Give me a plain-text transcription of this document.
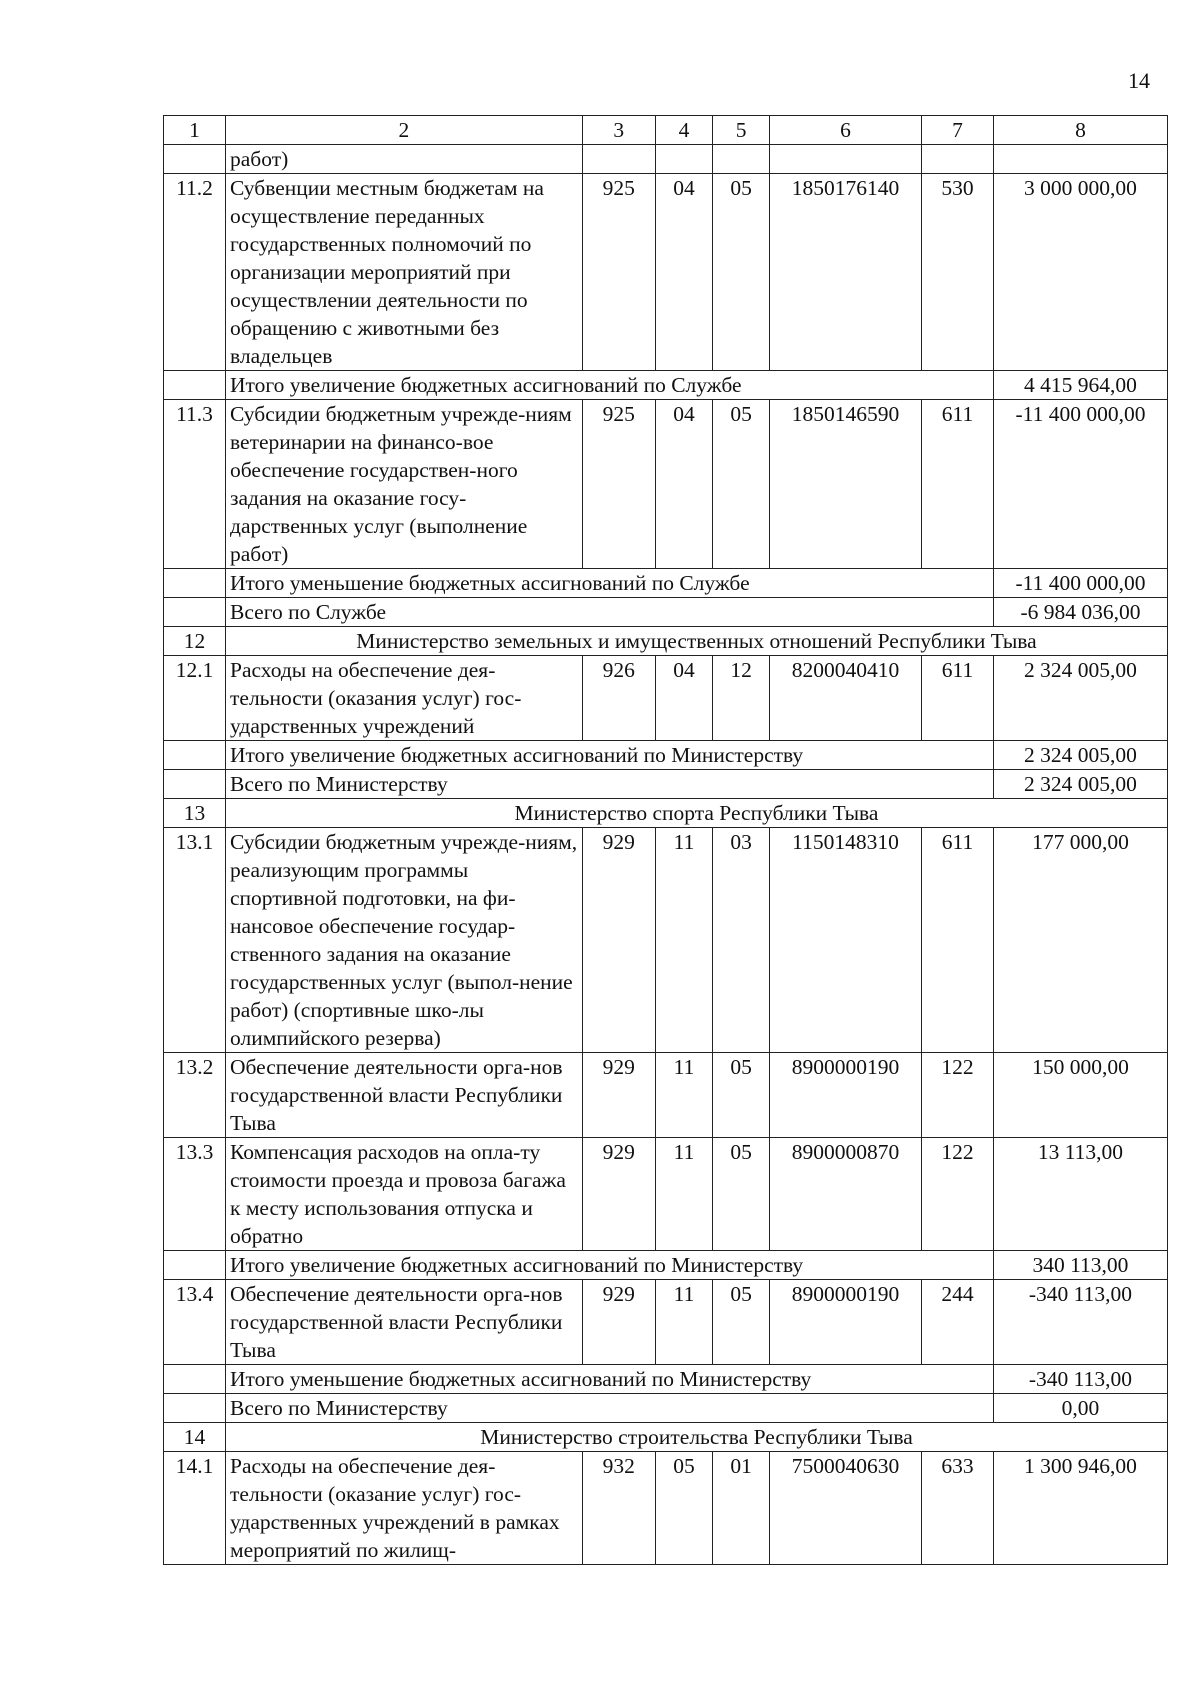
14
1	2	3	4	5	6	7	8
	работ)						
11.2	Субвенции местным бюджетам на осуществление переданных государственных полномочий по организации мероприятий при осуществлении деятельности по обращению с животными без владельцев	925	04	05	1850176140	530	3 000 000,00
	Итого увеличение бюджетных ассигнований по Службе						4 415 964,00
11.3	Субсидии бюджетным учрежде-ниям ветеринарии на финансо-вое обеспечение государствен-ного задания на оказание госу-дарственных услуг (выполнение работ)	925	04	05	1850146590	611	-11 400 000,00
	Итого уменьшение бюджетных ассигнований по Службе						-11 400 000,00
	Всего по Службе						-6 984 036,00
12	Министерство земельных и имущественных отношений Республики Тыва						
12.1	Расходы на обеспечение дея-тельности (оказания услуг) гос-ударственных учреждений	926	04	12	8200040410	611	2 324 005,00
	Итого увеличение бюджетных ассигнований по Министерству						2 324 005,00
	Всего по Министерству						2 324 005,00
13	Министерство спорта Республики Тыва						
13.1	Субсидии бюджетным учрежде-ниям, реализующим программы спортивной подготовки, на фи-нансовое обеспечение государ-ственного задания на оказание государственных услуг (выпол-нение работ) (спортивные шко-лы олимпийского резерва)	929	11	03	1150148310	611	177 000,00
13.2	Обеспечение деятельности орга-нов государственной власти Республики Тыва	929	11	05	8900000190	122	150 000,00
13.3	Компенсация расходов на опла-ту стоимости проезда и провоза багажа к месту использования отпуска и обратно	929	11	05	8900000870	122	13 113,00
	Итого увеличение бюджетных ассигнований по Министерству						340 113,00
13.4	Обеспечение деятельности орга-нов государственной власти Республики Тыва	929	11	05	8900000190	244	-340 113,00
	Итого уменьшение бюджетных ассигнований по Министерству						-340 113,00
	Всего по Министерству						0,00
14	Министерство строительства Республики Тыва						
14.1	Расходы на обеспечение дея-тельности (оказание услуг) гос-ударственных учреждений в рамках мероприятий по жилищ-	932	05	01	7500040630	633	1 300 946,00
